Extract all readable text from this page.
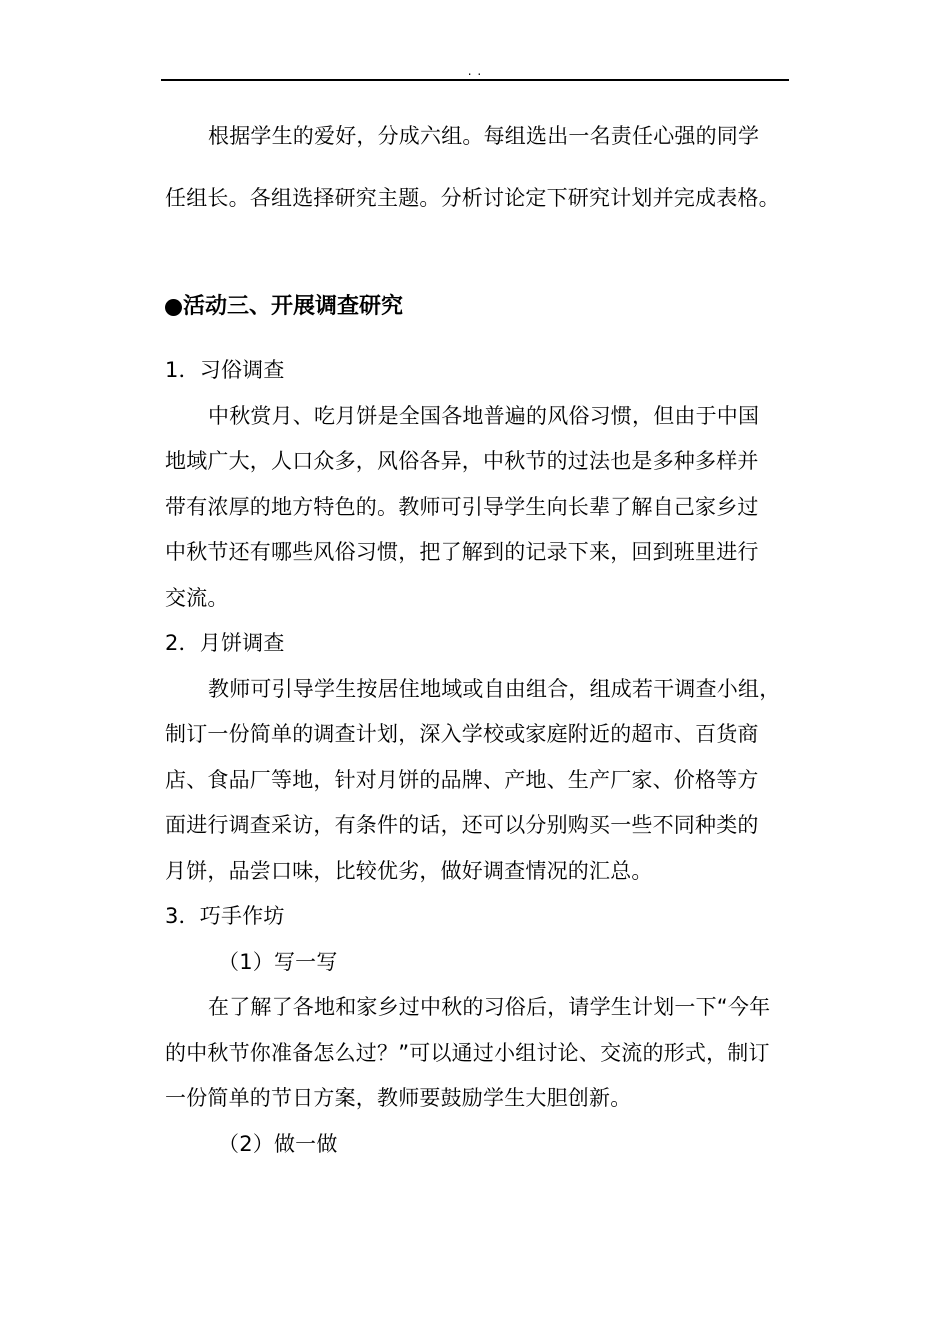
. .
根据学生的爱好，分成六组。每组选出一名责任心强的同学
任组长。各组选择研究主题。分析讨论定下研究计划并完成表格。
活动三、开展调查研究
1．习俗调查
中秋赏月、吃月饼是全国各地普遍的风俗习惯，但由于中国
地域广大，人口众多，风俗各异，中秋节的过法也是多种多样并
带有浓厚的地方特色的。教师可引导学生向长辈了解自己家乡过
中秋节还有哪些风俗习惯，把了解到的记录下来，回到班里进行
交流。
2．月饼调查
教师可引导学生按居住地域或自由组合，组成若干调查小组，
制订一份简单的调查计划，深入学校或家庭附近的超市、百货商
店、食品厂等地，针对月饼的品牌、产地、生产厂家、价格等方
面进行调查采访，有条件的话，还可以分别购买一些不同种类的
月饼，品尝口味，比较优劣，做好调查情况的汇总。
3．巧手作坊
（1）写一写
在了解了各地和家乡过中秋的习俗后，请学生计划一下“今年
的中秋节你准备怎么过？”可以通过小组讨论、交流的形式，制订
一份简单的节日方案，教师要鼓励学生大胆创新。
（2）做一做
